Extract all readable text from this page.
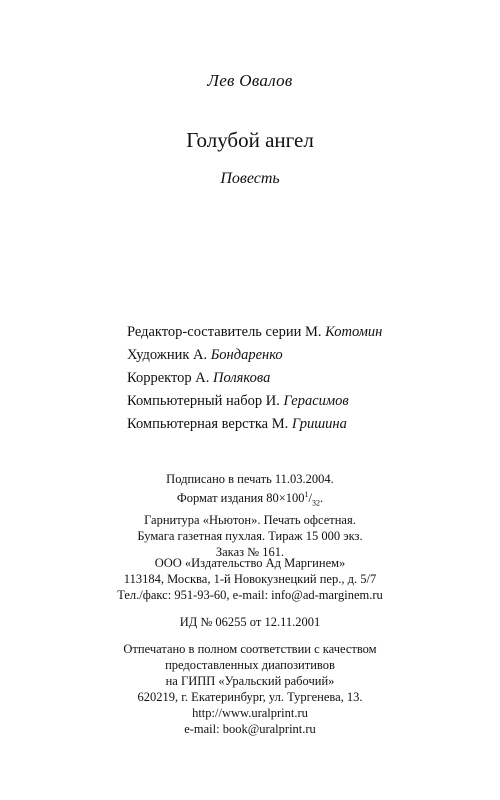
Лев Овалов
Голубой ангел
Повесть
Редактор-составитель серии М. Котомин
Художник А. Бондаренко
Корректор А. Полякова
Компьютерный набор И. Герасимов
Компьютерная верстка М. Гришина
Подписано в печать 11.03.2004.
Формат издания $80\times 100^1/_{32}$.
Гарнитура «Ньютон». Печать офсетная.
Бумага газетная пухлая. Тираж 15 000 экз.
Заказ № 161.
ООО «Издательство Ад Маргинем»
113184, Москва, 1-й Новокузнецкий пер., д. 5/7
Тел./факс: 951-93-60, e-mail: info@ad-marginem.ru
ИД № 06255 от 12.11.2001
Отпечатано в полном соответствии с качеством
предоставленных диапозитивов
на ГИПП «Уральский рабочий»
620219, г. Екатеринбург, ул. Тургенева, 13.
http://www.uralprint.ru
e-mail: book@uralprint.ru
